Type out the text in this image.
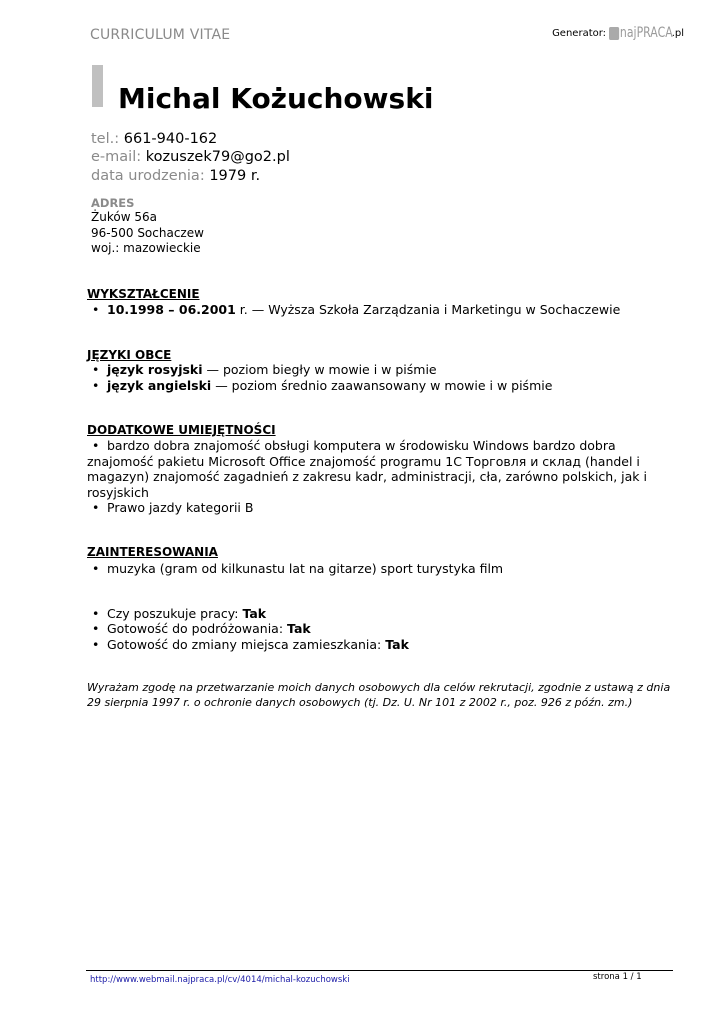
CURRICULUM VITAE	Generator: najPRACA
.pl
Michal Kożuchowski
tel.: 661-940-162
e-mail: kozuszek79@go2.pl
data urodzenia: 1979 r.
ADRES
Żuków 56a
96-500 Sochaczew
woj.: mazowieckie
WYKSZTAŁCENIE
• 10.1998 – 06.2001 r. — Wyższa Szkoła Zarządzania i Marketingu w Sochaczewie
JĘZYKI OBCE
• język rosyjski — poziom biegły w mowie i w piśmie
• język angielski — poziom średnio zaawansowany w mowie i w piśmie
DODATKOWE UMIEJĘTNOŚCI
• bardzo dobra znajomość obsługi komputera w środowisku Windows bardzo dobra znajomość pakietu Microsoft Office znajomość programu 1C Торговля и склад (handel i magazyn) znajomość zagadnień z zakresu kadr, administracji, cła, zarówno polskich, jak i rosyjskich
• Prawo jazdy kategorii B
ZAINTERESOWANIA
• muzyka (gram od kilkunastu lat na gitarze) sport turystyka film
• Czy poszukuje pracy: Tak
• Gotowość do podróżowania: Tak
• Gotowość do zmiany miejsca zamieszkania: Tak
Wyrażam zgodę na przetwarzanie moich danych osobowych dla celów rekrutacji, zgodnie z ustawą z dnia 29 sierpnia 1997 r. o ochronie danych osobowych (tj. Dz. U. Nr 101 z 2002 r., poz. 926 z późn. zm.)
http://www.webmail.najpraca.pl/cv/4014/michal-kozuchowski	strona 1 / 1
